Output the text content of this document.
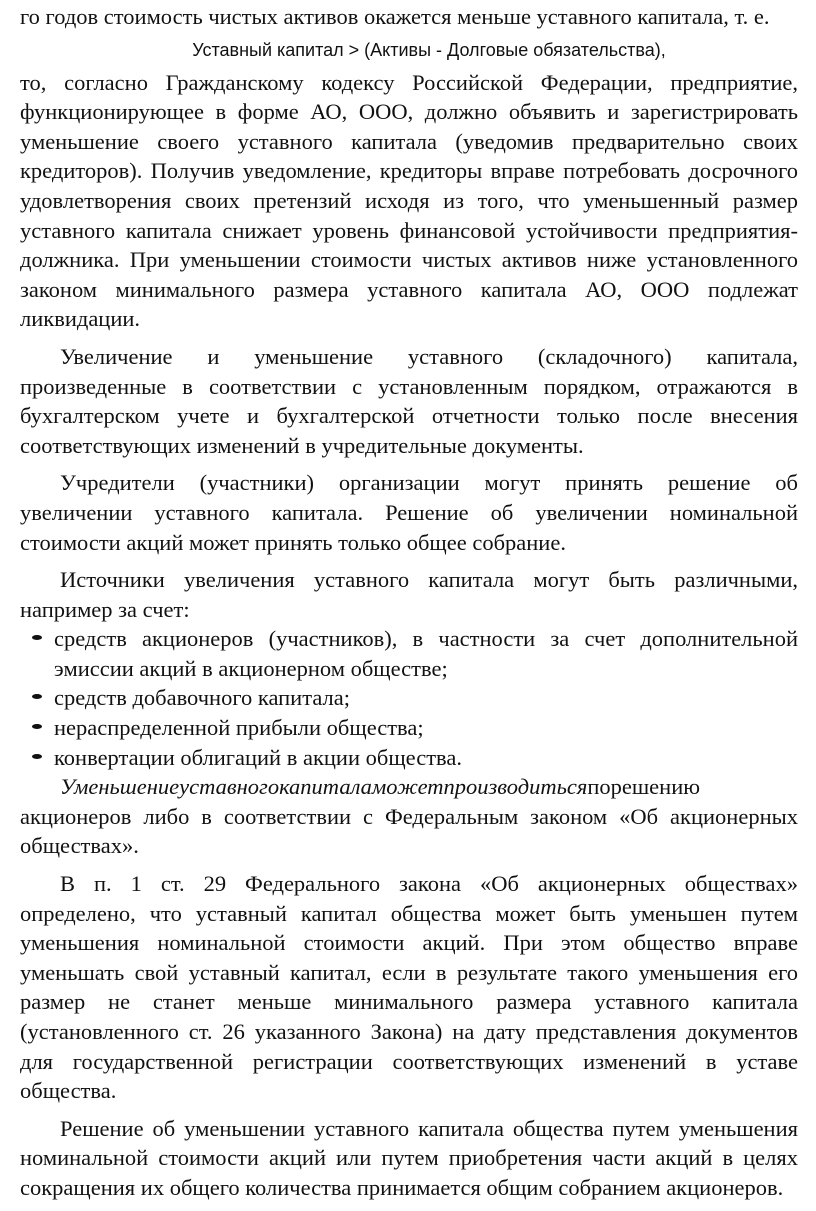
го годов стоимость чистых активов окажется меньше уставного капитала, т. е.

Уставный капитал > (Активы - Долговые обязательства),

то, согласно Гражданскому кодексу Российской Федерации, предприятие, функционирующее в форме АО, ООО, должно объявить и зарегистрировать уменьшение своего уставного капитала (уведомив предварительно своих кредиторов). Получив уведомление, кредиторы вправе потребовать досрочного удовлетворения своих претензий исходя из того, что уменьшенный размер уставного капитала снижает уровень финансовой устойчивости предприятия-должника. При уменьшении стоимости чистых активов ниже установленного законом минимального размера уставного капитала АО, ООО подлежат ликвидации.

Увеличение и уменьшение уставного (складочного) капитала, произведенные в соответствии с установленным порядком, отражаются в бухгалтерском учете и бухгалтерской отчетности только после внесения соответствующих изменений в учредительные документы.

Учредители (участники) организации могут принять решение об увеличении уставного капитала. Решение об увеличении номинальной стоимости акций может принять только общее собрание.

Источники увеличения уставного капитала могут быть различными, например за счет:

средств акционеров (участников), в частности за счет дополнительной эмиссии акций в акционерном обществе;
средств добавочного капитала;
нераспределенной прибыли общества;
конвертации облигаций в акции общества.

Уменьшениеуставногокапиталаможетпроизводитьсяпорешению акционеров либо в соответствии с Федеральным законом «Об акционерных обществах».

В п. 1 ст. 29 Федерального закона «Об акционерных обществах» определено, что уставный капитал общества может быть уменьшен путем уменьшения номинальной стоимости акций. При этом общество вправе уменьшать свой уставный капитал, если в результате такого уменьшения его размер не станет меньше минимального размера уставного капитала (установленного ст. 26 указанного Закона) на дату представления документов для государственной регистрации соответствующих изменений в уставе общества.

Решение об уменьшении уставного капитала общества путем уменьшения номинальной стоимости акций или путем приобретения части акций в целях сокращения их общего количества принимается общим собранием акционеров.
